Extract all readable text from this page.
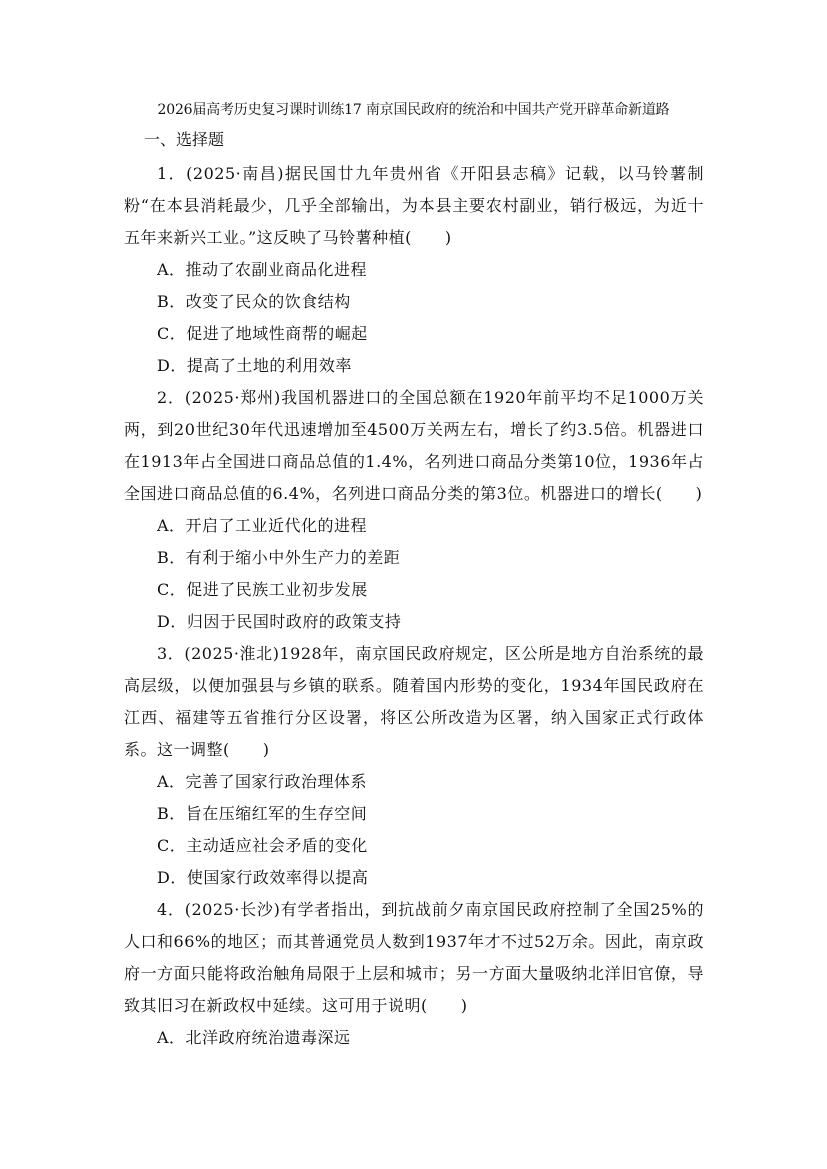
2026届高考历史复习课时训练17 南京国民政府的统治和中国共产党开辟革命新道路
一、选择题

1．(2025·南昌)据民国廿九年贵州省《开阳县志稿》记载，以马铃薯制粉“在本县消耗最少，几乎全部输出，为本县主要农村副业，销行极远，为近十五年来新兴工业。”这反映了马铃薯种植(　　)

A．推动了农副业商品化进程

B．改变了民众的饮食结构

C．促进了地域性商帮的崛起

D．提高了土地的利用效率

2．(2025·郑州)我国机器进口的全国总额在1920年前平均不足1000万关两，到20世纪30年代迅速增加至4500万关两左右，增长了约3.5倍。机器进口在1913年占全国进口商品总值的1.4%，名列进口商品分类第10位，1936年占全国进口商品总值的6.4%，名列进口商品分类的第3位。机器进口的增长(　　)

A．开启了工业近代化的进程

B．有利于缩小中外生产力的差距

C．促进了民族工业初步发展

D．归因于民国时政府的政策支持

3．(2025·淮北)1928年，南京国民政府规定，区公所是地方自治系统的最高层级，以便加强县与乡镇的联系。随着国内形势的变化，1934年国民政府在江西、福建等五省推行分区设署，将区公所改造为区署，纳入国家正式行政体系。这一调整(　　)

A．完善了国家行政治理体系

B．旨在压缩红军的生存空间

C．主动适应社会矛盾的变化

D．使国家行政效率得以提高

4．(2025·长沙)有学者指出，到抗战前夕南京国民政府控制了全国25%的人口和66%的地区；而其普通党员人数到1937年才不过52万余。因此，南京政府一方面只能将政治触角局限于上层和城市；另一方面大量吸纳北洋旧官僚，导致其旧习在新政权中延续。这可用于说明(　　)

A．北洋政府统治遗毒深远
